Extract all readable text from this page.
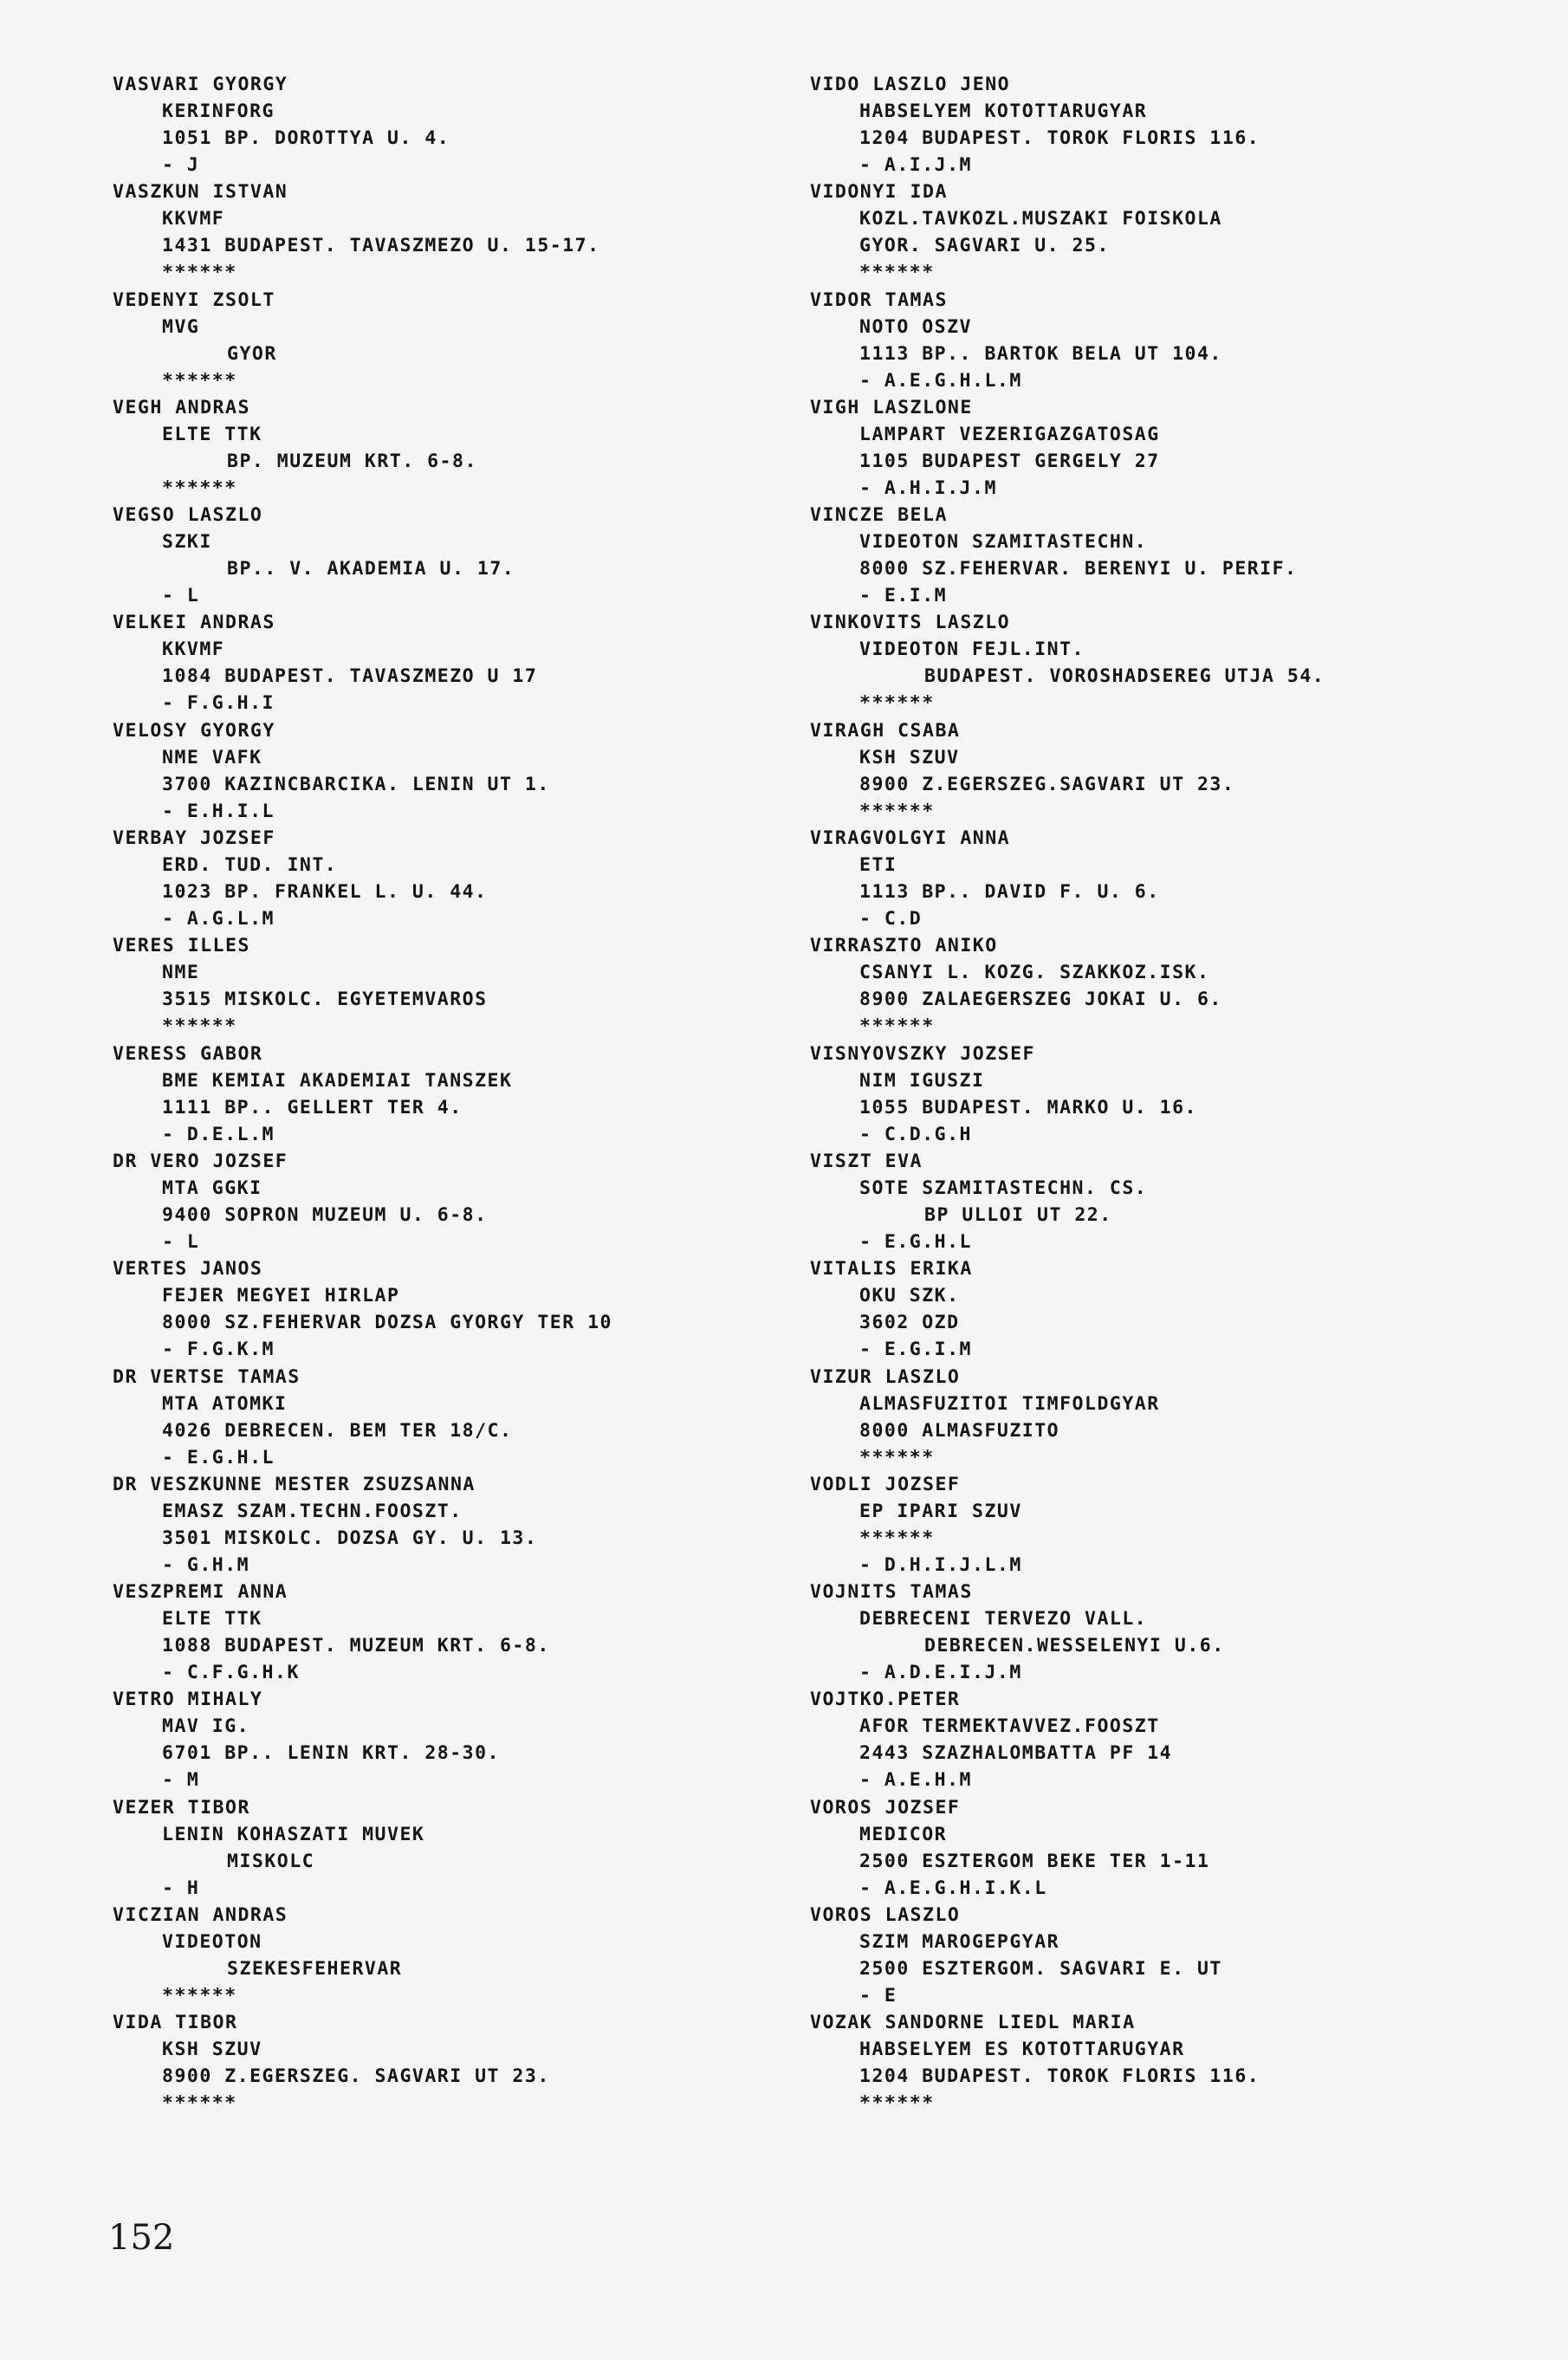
VASVARI GYORGY
KERINFORG
1051 BP. DOROTTYA U. 4.
- J
VASZKUN ISTVAN
KKVMF
1431 BUDAPEST. TAVASZMEZO U. 15-17.
******
VEDENYI ZSOLT
MVG
GYOR
******
VEGH ANDRAS
ELTE TTK
BP. MUZEUM KRT. 6-8.
******
VEGSO LASZLO
SZKI
BP.. V. AKADEMIA U. 17.
- L
VELKEI ANDRAS
KKVMF
1084 BUDAPEST. TAVASZMEZO U 17
- F.G.H.I
VELOSY GYORGY
NME VAFK
3700 KAZINCBARCIKA. LENIN UT 1.
- E.H.I.L
VERBAY JOZSEF
ERD. TUD. INT.
1023 BP. FRANKEL L. U. 44.
- A.G.L.M
VERES ILLES
NME
3515 MISKOLC. EGYETEMVAROS
******
VERESS GABOR
BME KEMIAI AKADEMIAI TANSZEK
1111 BP.. GELLERT TER 4.
- D.E.L.M
DR VERO JOZSEF
MTA GGKI
9400 SOPRON MUZEUM U. 6-8.
- L
VERTES JANOS
FEJER MEGYEI HIRLAP
8000 SZ.FEHERVAR DOZSA GYORGY TER 10
- F.G.K.M
DR VERTSE TAMAS
MTA ATOMKI
4026 DEBRECEN. BEM TER 18/C.
- E.G.H.L
DR VESZKUNNE MESTER ZSUZSANNA
EMASZ SZAM.TECHN.FOOSZT.
3501 MISKOLC. DOZSA GY. U. 13.
- G.H.M
VESZPREMI ANNA
ELTE TTK
1088 BUDAPEST. MUZEUM KRT. 6-8.
- C.F.G.H.K
VETRO MIHALY
MAV IG.
6701 BP.. LENIN KRT. 28-30.
- M
VEZER TIBOR
LENIN KOHASZATI MUVEK
MISKOLC
- H
VICZIAN ANDRAS
VIDEOTON
SZEKESFEHERVAR
******
VIDA TIBOR
KSH SZUV
8900 Z.EGERSZEG. SAGVARI UT 23.
******
VIDO LASZLO JENO
HABSELYEM KOTOTTARUGYAR
1204 BUDAPEST. TOROK FLORIS 116.
- A.I.J.M
VIDONYI IDA
KOZL.TAVKOZL.MUSZAKI FOISKOLA
GYOR. SAGVARI U. 25.
******
VIDOR TAMAS
NOTO OSZV
1113 BP.. BARTOK BELA UT 104.
- A.E.G.H.L.M
VIGH LASZLONE
LAMPART VEZERIGAZGATOSAG
1105 BUDAPEST GERGELY 27
- A.H.I.J.M
VINCZE BELA
VIDEOTON SZAMITASTECHN.
8000 SZ.FEHERVAR. BERENYI U. PERIF.
- E.I.M
VINKOVITS LASZLO
VIDEOTON FEJL.INT.
BUDAPEST. VOROSHADSEREG UTJA 54.
******
VIRAGH CSABA
KSH SZUV
8900 Z.EGERSZEG.SAGVARI UT 23.
******
VIRAGVOLGYI ANNA
ETI
1113 BP.. DAVID F. U. 6.
- C.D
VIRRASZTO ANIKO
CSANYI L. KOZG. SZAKKOZ.ISK.
8900 ZALAEGERSZEG JOKAI U. 6.
******
VISNYOVSZKY JOZSEF
NIM IGUSZI
1055 BUDAPEST. MARKO U. 16.
- C.D.G.H
VISZT EVA
SOTE SZAMITASTECHN. CS.
BP ULLOI UT 22.
- E.G.H.L
VITALIS ERIKA
OKU SZK.
3602 OZD
- E.G.I.M
VIZUR LASZLO
ALMASFUZITOI TIMFOLDGYAR
8000 ALMASFUZITO
******
VODLI JOZSEF
EP IPARI SZUV
******
- D.H.I.J.L.M
VOJNITS TAMAS
DEBRECENI TERVEZO VALL.
DEBRECEN.WESSELENYI U.6.
- A.D.E.I.J.M
VOJTKO.PETER
AFOR TERMEKTAVVEZ.FOOSZT
2443 SZAZHALOMBATTA PF 14
- A.E.H.M
VOROS JOZSEF
MEDICOR
2500 ESZTERGOM BEKE TER 1-11
- A.E.G.H.I.K.L
VOROS LASZLO
SZIM MAROGEPGYAR
2500 ESZTERGOM. SAGVARI E. UT
- E
VOZAK SANDORNE LIEDL MARIA
HABSELYEM ES KOTOTTARUGYAR
1204 BUDAPEST. TOROK FLORIS 116.
******
152
